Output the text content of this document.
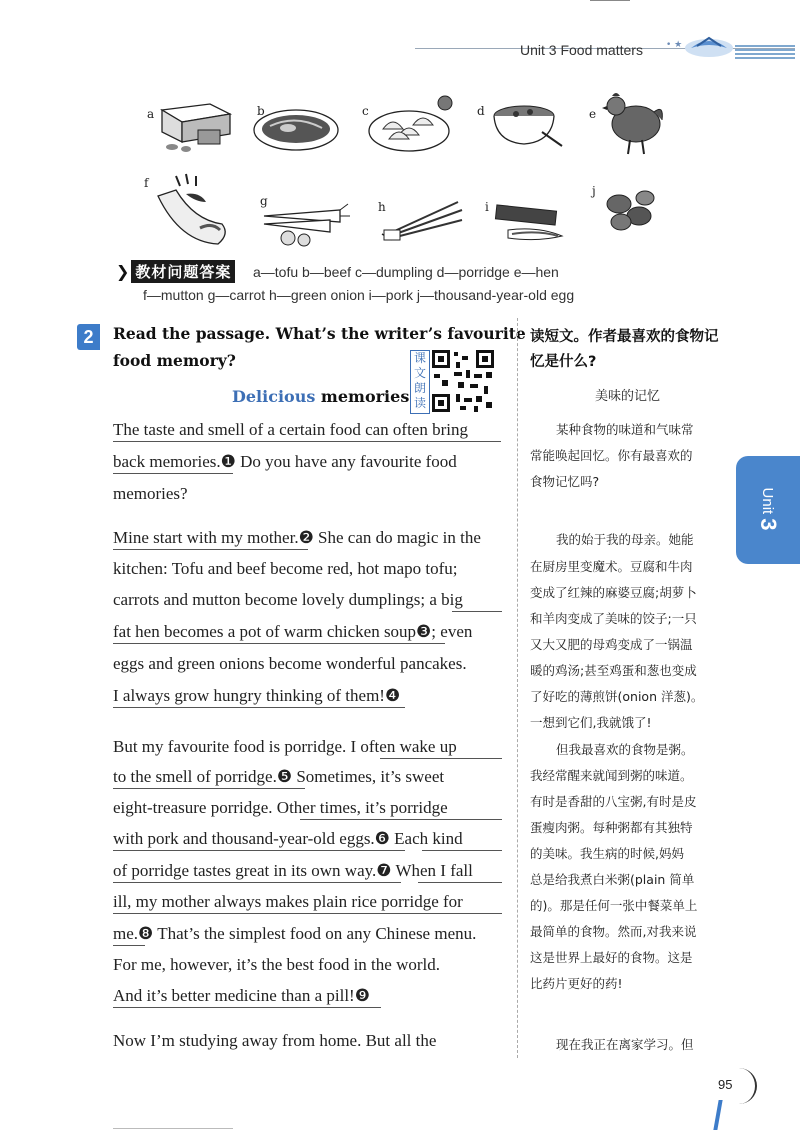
Unit 3 Food matters	• ★
a	b	c	d	e
f
g	h	i
j
❯ 教材问题答案 a—tofu b—beef c—dumpling d—porridge e—hen
f—mutton g—carrot h—green onion i—pork j—thousand-year-old egg
2	Read the passage. What’s the writer’s favourite
food memory?	课文朗读
Delicious memories
The taste and smell of a certain food can often bring
back memories.❶ Do you have any favourite food
memories?
Mine start with my mother.❷ She can do magic in the
kitchen: Tofu and beef become red, hot mapo tofu;
carrots and mutton become lovely dumplings; a big
fat hen becomes a pot of warm chicken soup❸; even
eggs and green onions become wonderful pancakes.
I always grow hungry thinking of them!❹
But my favourite food is porridge. I often wake up
to the smell of porridge.❺ Sometimes, it’s sweet
eight-treasure porridge. Other times, it’s porridge
with pork and thousand-year-old eggs.❻ Each kind
of porridge tastes great in its own way.❼ When I fall
ill, my mother always makes plain rice porridge for
me.❽ That’s the simplest food on any Chinese menu.
For me, however, it’s the best food in the world.
And it’s better medicine than a pill!❾
Now I’m studying away from home. But all the
读短文。作者最喜欢的食物记
忆是什么?
美味的记忆
某种食物的味道和气味常
常能唤起回忆。你有最喜欢的
食物记忆吗?
我的始于我的母亲。她能
在厨房里变魔术。豆腐和牛肉
变成了红辣的麻婆豆腐;胡萝卜
和羊肉变成了美味的饺子;一只
又大又肥的母鸡变成了一锅温
暖的鸡汤;甚至鸡蛋和葱也变成
了好吃的薄煎饼(onion 洋葱)。
一想到它们,我就饿了!
但我最喜欢的食物是粥。
我经常醒来就闻到粥的味道。
有时是香甜的八宝粥,有时是皮
蛋瘦肉粥。每种粥都有其独特
的美味。我生病的时候,妈妈
总是给我煮白米粥(plain 简单
的)。那是任何一张中餐菜单上
最简单的食物。然而,对我来说
这是世界上最好的食物。这是
比药片更好的药!
现在我正在离家学习。但
Unit
3
95
